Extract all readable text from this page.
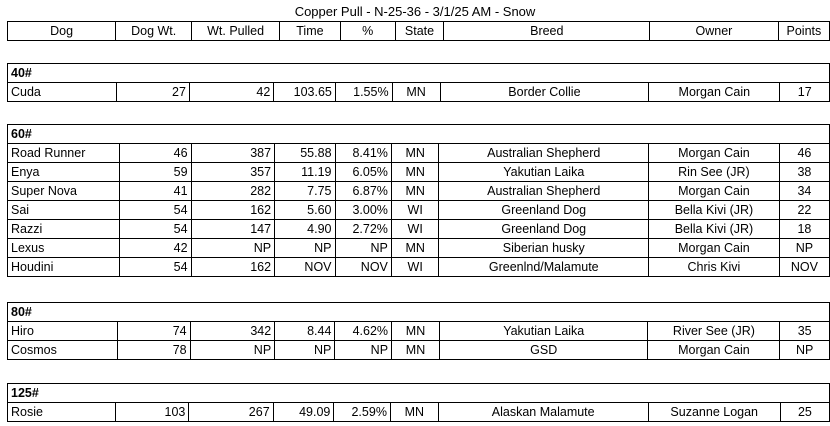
Copper Pull - N-25-36 - 3/1/25 AM - Snow
Dog	Dog Wt.	Wt. Pulled	Time	%	State	Breed	Owner	Points
40#
Cuda	27	42	103.65	1.55%	MN	Border Collie	Morgan Cain	17
60#								
Road Runner	46	387	55.88	8.41%	MN	Australian Shepherd	Morgan Cain	46
Enya	59	357	11.19	6.05%	MN	Yakutian Laika	Rin See (JR)	38
Super Nova	41	282	7.75	6.87%	MN	Australian Shepherd	Morgan Cain	34
Sai	54	162	5.60	3.00%	WI	Greenland Dog	Bella Kivi (JR)	22
Razzi	54	147	4.90	2.72%	WI	Greenland Dog	Bella Kivi (JR)	18
Lexus	42	NP	NP	NP	MN	Siberian husky	Morgan Cain	NP
Houdini	54	162	NOV	NOV	WI	Greenlnd/Malamute	Chris Kivi	NOV
80#								
Hiro	74	342	8.44	4.62%	MN	Yakutian Laika	River See (JR)	35
Cosmos	78	NP	NP	NP	MN	GSD	Morgan Cain	NP
125#
Rosie	103	267	49.09	2.59%	MN	Alaskan Malamute	Suzanne Logan	25
